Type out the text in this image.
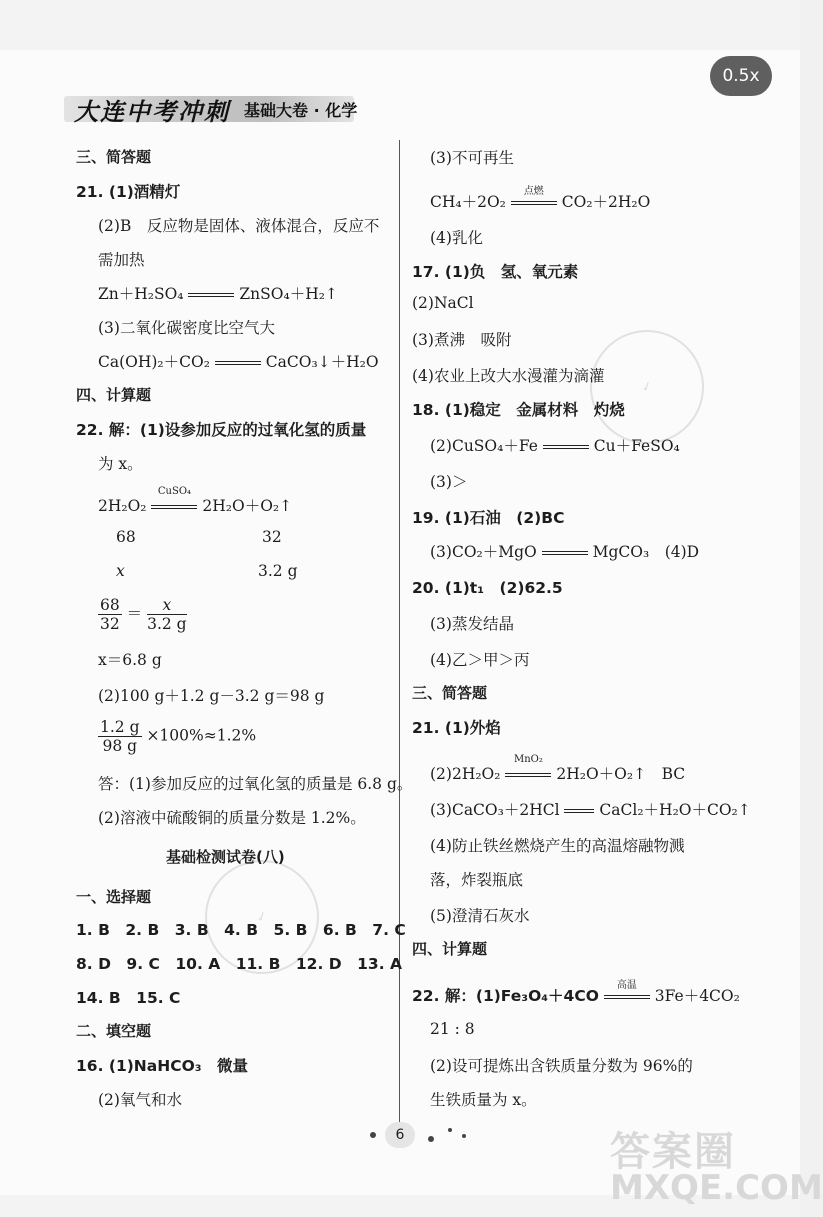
0.5x
大连中考冲刺 基础大卷 · 化学
✓
✓
三、简答题
21. (1)酒精灯
(2)B　反应物是固体、液体混合，反应不
需加热
Zn＋H₂SO₄	ZnSO₄＋H₂↑
(3)二氧化碳密度比空气大
Ca(OH)₂＋CO₂	CaCO₃↓＋H₂O
四、计算题
22. 解：(1)设参加反应的过氧化氢的质量
为 x。
2H₂O₂
CuSO₄
2H₂O＋O₂↑
68	32
x	3.2 g
$\frac{68}{32} = \frac{x}{3.2 g}$
x＝6.8 g
(2)100 g＋1.2 g－3.2 g＝98 g
$\frac{1.2 g}{98 g} \times 100\%\approx 1.2\%$
答：(1)参加反应的过氧化氢的质量是 6.8 g。
(2)溶液中硫酸铜的质量分数是 1.2%。
基础检测试卷(八)
一、选择题
1. B　2. B　3. B　4. B　5. B　6. B　7. C
8. D　9. C　10. A　11. B　12. D　13. A
14. B　15. C
二、填空题
16. (1)NaHCO₃　微量
(2)氧气和水
(3)不可再生
CH₄＋2O₂
点燃
CO₂＋2H₂O
(4)乳化
17. (1)负　氢、氧元素
(2)NaCl
(3)煮沸　吸附
(4)农业上改大水漫灌为滴灌
18. (1)稳定　金属材料　灼烧
(2)CuSO₄＋Fe	Cu＋FeSO₄
(3)＞
19. (1)石油　(2)BC
(3)CO₂＋MgO	MgCO₃　(4)D
20. (1)t₁　(2)62.5
(3)蒸发结晶
(4)乙＞甲＞丙
三、简答题
21. (1)外焰
(2)2H₂O₂
MnO₂
2H₂O＋O₂↑　BC
(3)CaCO₃＋2HCl	CaCl₂＋H₂O＋CO₂↑
(4)防止铁丝燃烧产生的高温熔融物溅
落，炸裂瓶底
(5)澄清石灰水
四、计算题
22. 解：(1)Fe₃O₄＋4CO
高温
3Fe＋4CO₂
21 : 8
(2)设可提炼出含铁质量分数为 96%的
生铁质量为 x。
6	答案圈
MXQE.COM
